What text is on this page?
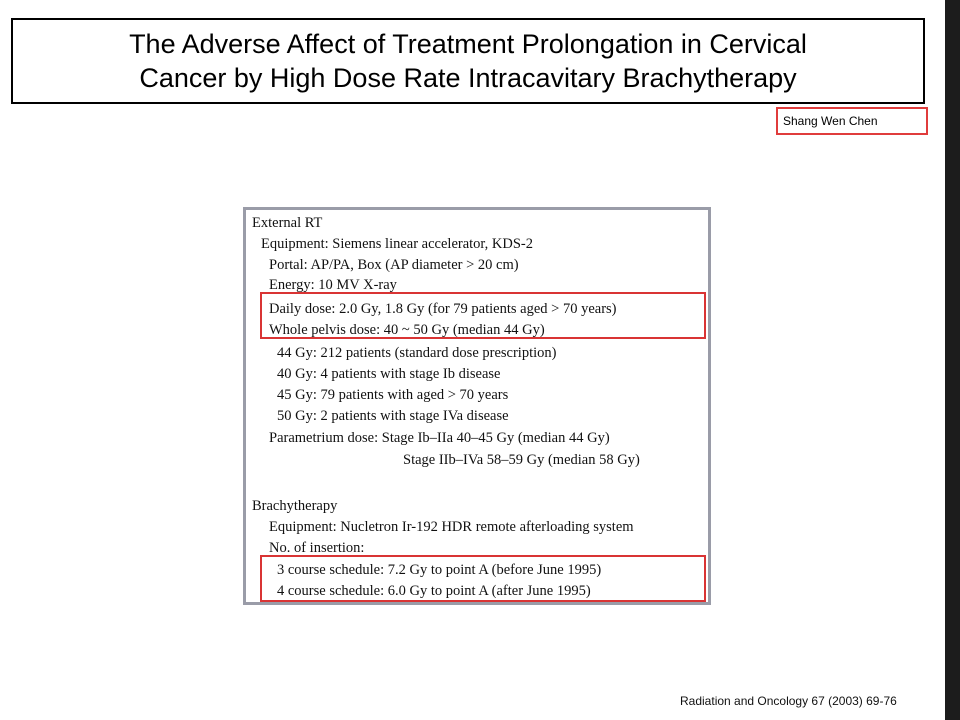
The Adverse Affect of Treatment Prolongation in Cervical
Cancer by High Dose Rate Intracavitary Brachytherapy
Shang Wen Chen
External RT
Equipment: Siemens linear accelerator, KDS-2
Portal: AP/PA, Box (AP diameter > 20 cm)
Energy: 10 MV X-ray
Daily dose: 2.0 Gy, 1.8 Gy (for 79 patients aged > 70 years)
Whole pelvis dose: 40 ~ 50 Gy (median 44 Gy)
44 Gy: 212 patients (standard dose prescription)
40 Gy: 4 patients with stage Ib disease
45 Gy: 79 patients with aged > 70 years
50 Gy: 2 patients with stage IVa disease
Parametrium dose: Stage Ib–IIa 40–45 Gy (median 44 Gy)
Stage IIb–IVa 58–59 Gy (median 58 Gy)
Brachytherapy
Equipment: Nucletron Ir-192 HDR remote afterloading system
No. of insertion:
3 course schedule: 7.2 Gy to point A (before June 1995)
4 course schedule: 6.0 Gy to point A (after June 1995)
Radiation and Oncology 67 (2003) 69-76
